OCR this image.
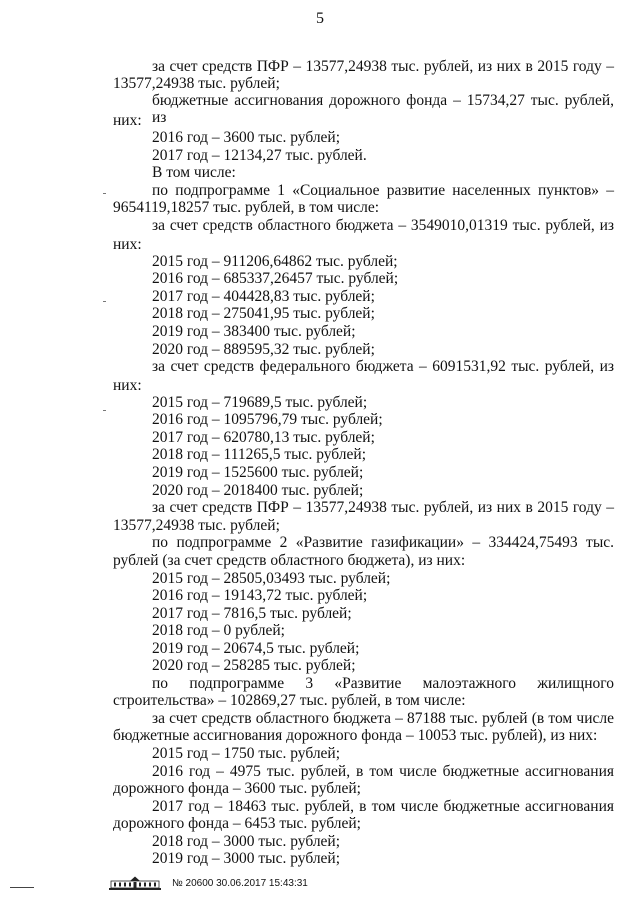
5
за счет средств ПФР – 13577,24938 тыс. рублей, из них в 2015 году –
13577,24938 тыс. рублей;
бюджетные ассигнования дорожного фонда – 15734,27 тыс. рублей, из
них:
2016 год – 3600 тыс. рублей;
2017 год – 12134,27 тыс. рублей.
В том числе:
по подпрограмме 1 «Социальное развитие населенных пунктов» –
9654119,18257 тыс. рублей, в том числе:
за счет средств областного бюджета – 3549010,01319 тыс. рублей, из
них:
2015 год – 911206,64862 тыс. рублей;
2016 год – 685337,26457 тыс. рублей;
2017 год – 404428,83 тыс. рублей;
2018 год – 275041,95 тыс. рублей;
2019 год – 383400 тыс. рублей;
2020 год – 889595,32 тыс. рублей;
за счет средств федерального бюджета – 6091531,92 тыс. рублей, из
них:
2015 год – 719689,5 тыс. рублей;
2016 год – 1095796,79 тыс. рублей;
2017 год – 620780,13 тыс. рублей;
2018 год – 111265,5 тыс. рублей;
2019 год – 1525600 тыс. рублей;
2020 год – 2018400 тыс. рублей;
за счет средств ПФР – 13577,24938 тыс. рублей, из них в 2015 году –
13577,24938 тыс. рублей;
по подпрограмме 2 «Развитие газификации» – 334424,75493 тыс.
рублей (за счет средств областного бюджета), из них:
2015 год – 28505,03493 тыс. рублей;
2016 год – 19143,72 тыс. рублей;
2017 год – 7816,5 тыс. рублей;
2018 год – 0 рублей;
2019 год – 20674,5 тыс. рублей;
2020 год – 258285 тыс. рублей;
по подпрограмме 3 «Развитие малоэтажного жилищного
строительства» – 102869,27 тыс. рублей, в том числе:
за счет средств областного бюджета – 87188 тыс. рублей (в том числе
бюджетные ассигнования дорожного фонда – 10053 тыс. рублей), из них:
2015 год – 1750 тыс. рублей;
2016 год – 4975 тыс. рублей, в том числе бюджетные ассигнования
дорожного фонда – 3600 тыс. рублей;
2017 год – 18463 тыс. рублей, в том числе бюджетные ассигнования
дорожного фонда – 6453 тыс. рублей;
2018 год – 3000 тыс. рублей;
2019 год – 3000 тыс. рублей;
№ 20600 30.06.2017 15:43:31
